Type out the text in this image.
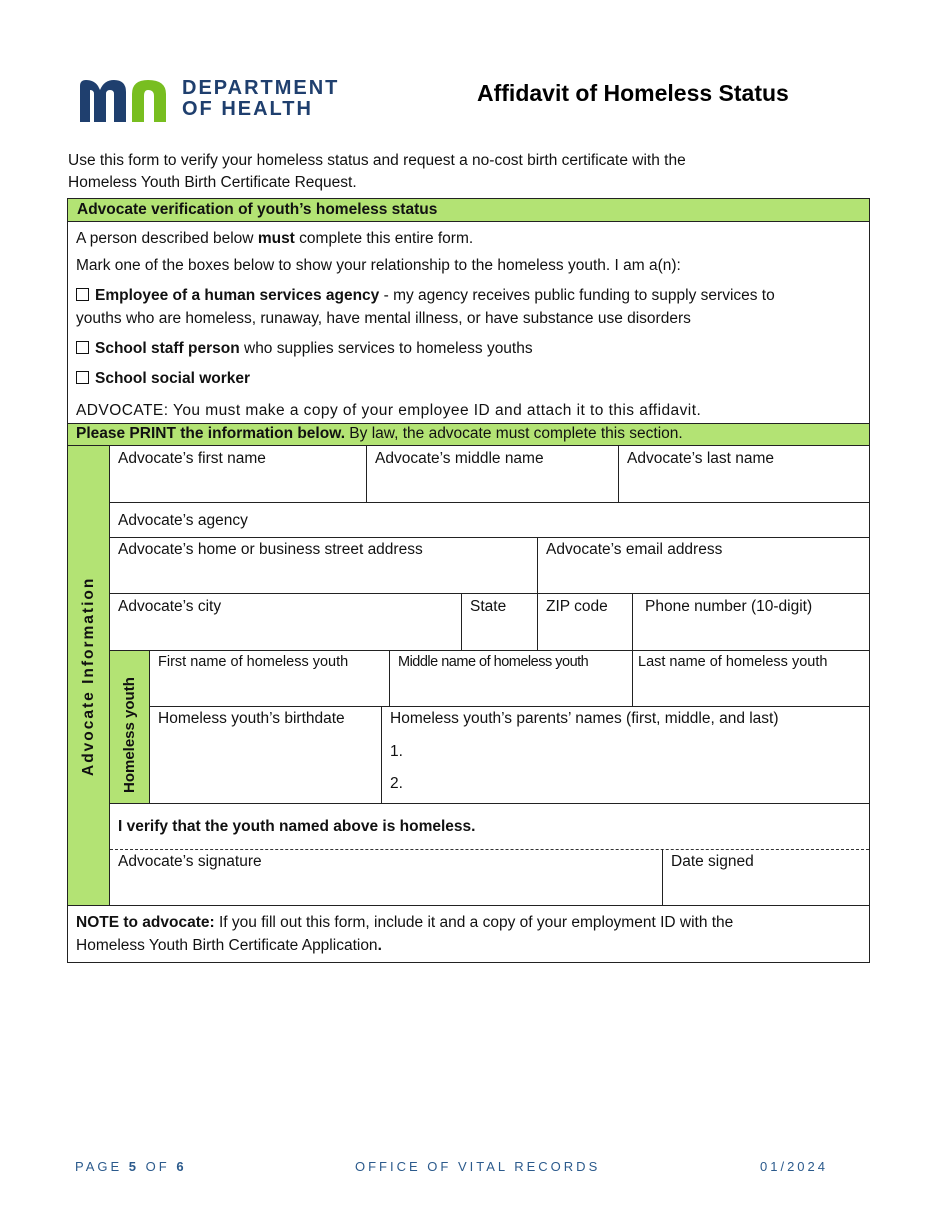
DEPARTMENT
OF HEALTH
Affidavit of Homeless Status
Use this form to verify your homeless status and request a no-cost birth certificate with the
Homeless Youth Birth Certificate Request.
Advocate verification of youth’s homeless status
A person described below must complete this entire form.
Mark one of the boxes below to show your relationship to the homeless youth. I am a(n):
Employee of a human services agency - my agency receives public funding to supply services to
youths who are homeless, runaway, have mental illness, or have substance use disorders
School staff person who supplies services to homeless youths
School social worker
ADVOCATE: You must make a copy of your employee ID and attach it to this affidavit.
Please PRINT the information below. By law, the advocate must complete this section.
Advocate Information Homeless youth
Advocate’s first name	Advocate’s middle name	Advocate’s last name
Advocate’s agency
Advocate’s home or business street address	Advocate’s email address
Advocate’s city	State	ZIP code Phone number (10-digit)
First name of homeless youth	Middle name of homeless youth	Last name of homeless youth
Homeless youth’s birthdate	Homeless youth’s parents’ names (first, middle, and last)
1.
2.
I verify that the youth named above is homeless.
Advocate’s signature	Date signed
NOTE to advocate: If you fill out this form, include it and a copy of your employment ID with the
Homeless Youth Birth Certificate Application.
PAGE 5 OF 6	OFFICE OF VITAL RECORDS	01/2024
